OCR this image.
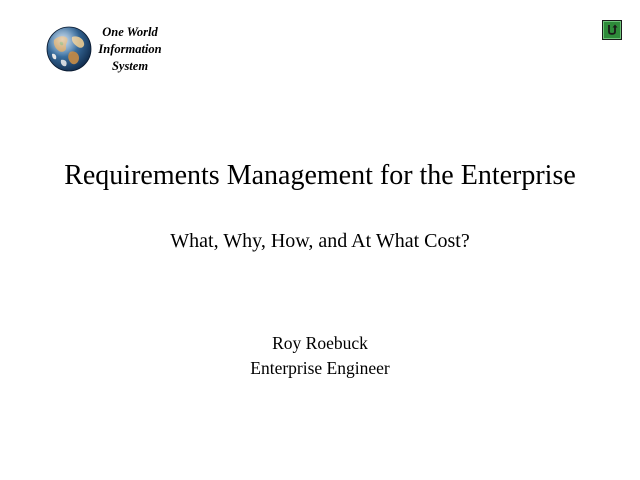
One World
Information
System
Requirements Management for the Enterprise
What, Why, How, and At What Cost?
Roy Roebuck
Enterprise Engineer
